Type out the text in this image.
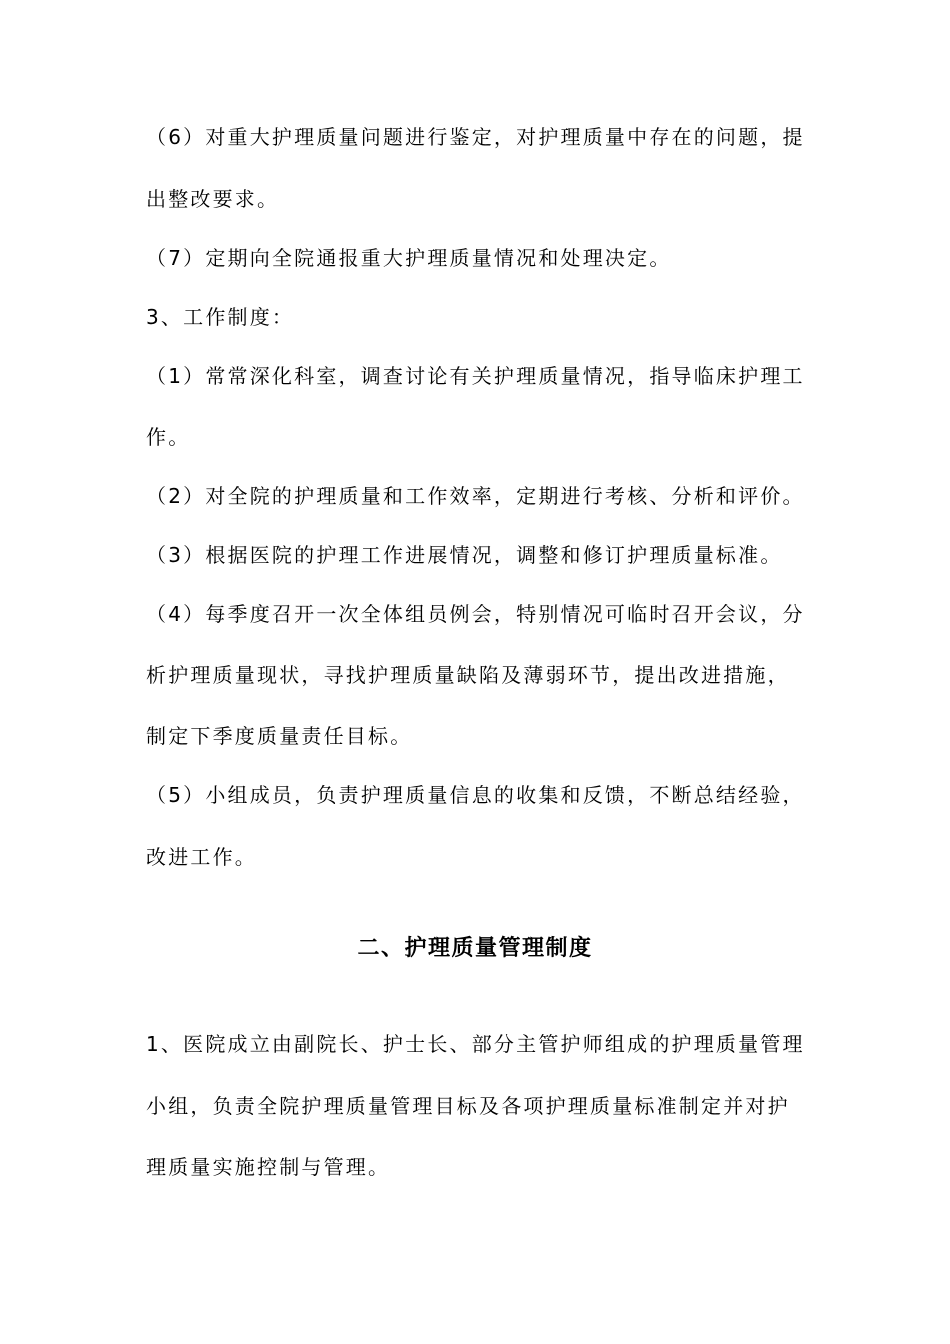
（6）对重大护理质量问题进行鉴定，对护理质量中存在的问题，提
出整改要求。
（7）定期向全院通报重大护理质量情况和处理决定。
3、工作制度：
（1）常常深化科室，调查讨论有关护理质量情况，指导临床护理工
作。
（2）对全院的护理质量和工作效率，定期进行考核、分析和评价。
（3）根据医院的护理工作进展情况，调整和修订护理质量标准。
（4）每季度召开一次全体组员例会，特别情况可临时召开会议，分
析护理质量现状，寻找护理质量缺陷及薄弱环节，提出改进措施，
制定下季度质量责任目标。
（5）小组成员，负责护理质量信息的收集和反馈，不断总结经验，
改进工作。
二、护理质量管理制度
1、医院成立由副院长、护士长、部分主管护师组成的护理质量管理
小组，负责全院护理质量管理目标及各项护理质量标准制定并对护
理质量实施控制与管理。
